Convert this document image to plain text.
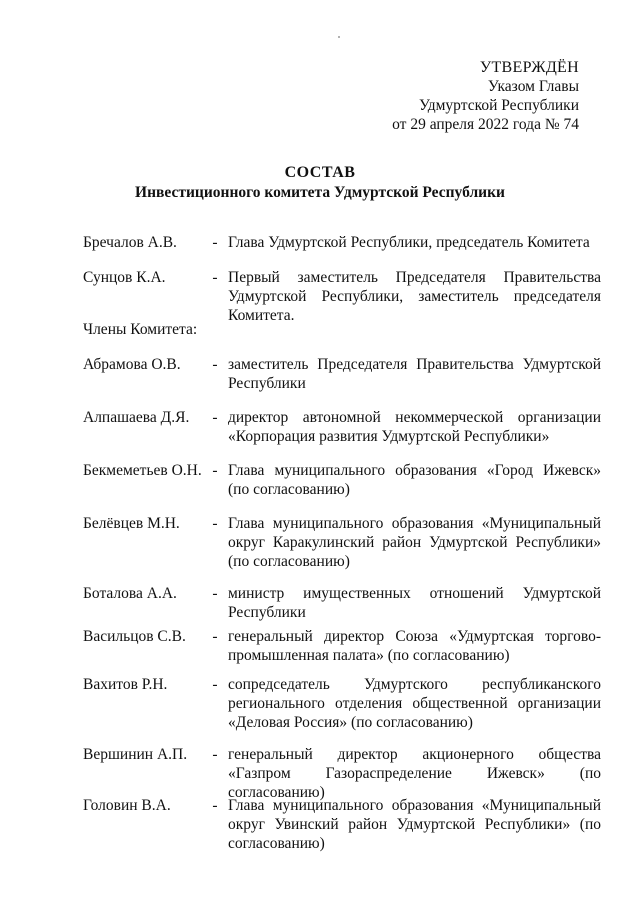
УТВЕРЖДЁН
Указом Главы
Удмуртской Республики
от 29 апреля 2022 года № 74
СОСТАВ
Инвестиционного комитета Удмуртской Республики
Бречалов А.В.	- Глава Удмуртской Республики, председатель Комитета
Сунцов К.А.	- Первый заместитель Председателя Правительства Удмуртской Республики, заместитель председателя Комитета.
Члены Комитета:
Абрамова О.В.	- заместитель Председателя Правительства Удмуртской Республики
Алпашаева Д.Я.	- директор автономной некоммерческой организации «Корпорация развития Удмуртской Республики»
Бекмеметьев О.Н. - Глава муниципального образования «Город Ижевск» (по согласованию)
Белёвцев М.Н.	- Глава муниципального образования «Муниципальный округ Каракулинский район Удмуртской Республики» (по согласованию)
Боталова А.А.	- министр имущественных отношений Удмуртской Республики
Васильцов С.В.	- генеральный директор Союза «Удмуртская торгово-промышленная палата» (по согласованию)
Вахитов Р.Н.	- сопредседатель Удмуртского республиканского регионального отделения общественной организации «Деловая Россия» (по согласованию)
Вершинин А.П.	- генеральный директор акционерного общества «Газпром Газораспределение Ижевск» (по согласованию)
Головин В.А.	- Глава муниципального образования «Муниципальный округ Увинский район Удмуртской Республики» (по согласованию)
